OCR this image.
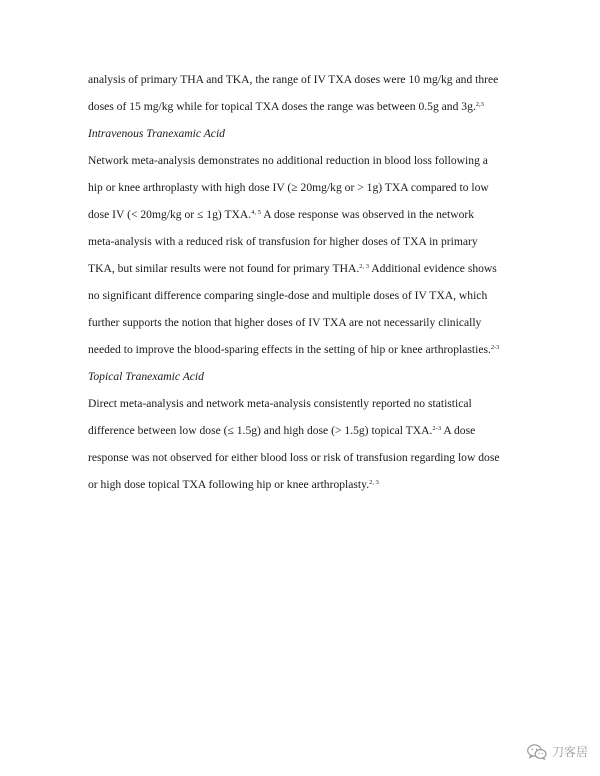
analysis of primary THA and TKA, the range of IV TXA doses were 10 mg/kg and three

doses of 15 mg/kg while for topical TXA doses the range was between 0.5g and 3g.$^{2,3}$

Intravenous Tranexamic Acid

Network meta-analysis demonstrates no additional reduction in blood loss following a

hip or knee arthroplasty with high dose IV (≥ 20mg/kg or > 1g) TXA compared to low

dose IV (< 20mg/kg or ≤ 1g) TXA.$^{4, 5}$ A dose response was observed in the network

meta-analysis with a reduced risk of transfusion for higher doses of TXA in primary

TKA, but similar results were not found for primary THA.$^{2, 3}$ Additional evidence shows

no significant difference comparing single-dose and multiple doses of IV TXA, which

further supports the notion that higher doses of IV TXA are not necessarily clinically

needed to improve the blood-sparing effects in the setting of hip or knee arthroplasties.$^{2-3}$

Topical Tranexamic Acid

Direct meta-analysis and network meta-analysis consistently reported no statistical

difference between low dose (≤ 1.5g) and high dose (> 1.5g) topical TXA.$^{2-3}$ A dose

response was not observed for either blood loss or risk of transfusion regarding low dose

or high dose topical TXA following hip or knee arthroplasty.$^{2, 3}$

刀客居
